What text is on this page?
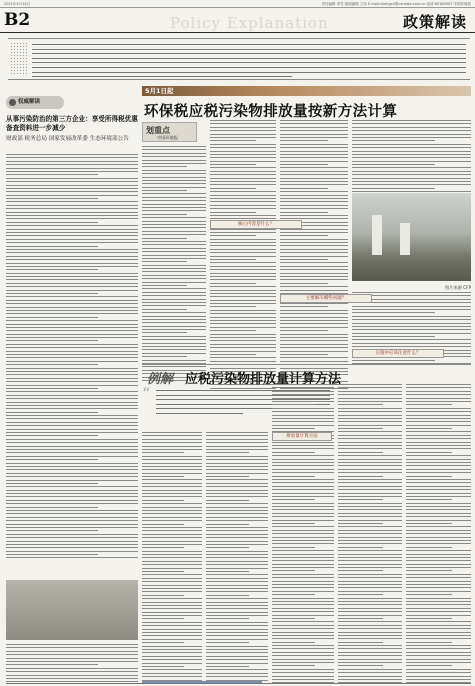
2021年5月14日	责任编辑 李雪 版面编辑 王伟 E-mail:zhengce@cenews.com.cn 电话:65160907 中国环境报
B2	Policy Explanation	政策解读
权威解读
从事污染防治的第三方企业：享受所得税优惠备查资料进一步减少
财政部 税务总局 国家发展改革委 生态环境部公告
5月1日起
环保税应税污染物排放量按新方法计算
划重点
中国环境报
图片来源 CFP
核心内容是什么？
主要解决哪些问题？
实施中应该注意什么？
例解 应税污染物排放量计算方法
“
排放量计算方法
